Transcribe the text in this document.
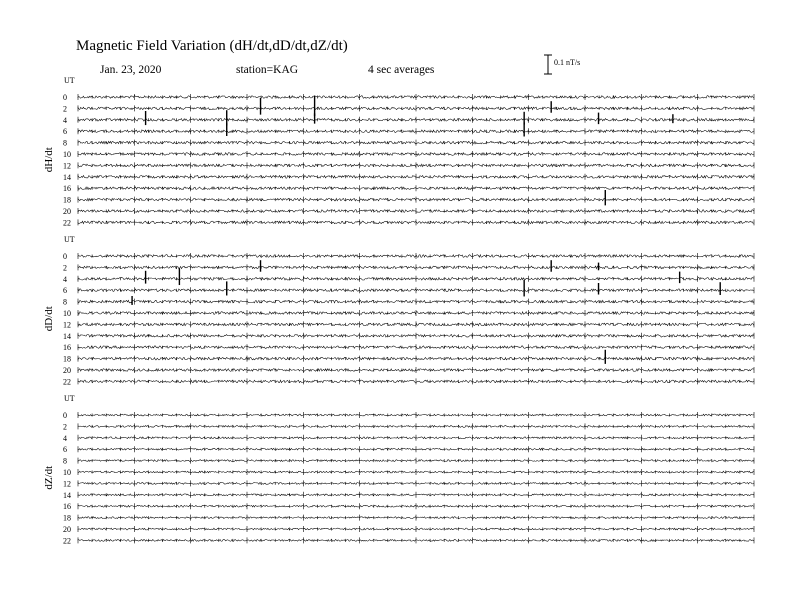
Magnetic Field Variation (dH/dt,dD/dt,dZ/dt)
Jan. 23, 2020	station=KAG	4 sec averages
0.1 nT/s
UT
dH/dt
0
2
4
6
8
10
12
14
16
18
20
22
UT
dD/dt
0
2
4
6
8
10
12
14
16
18
20
22
UT
dZ/dt
0
2
4
6
8
10
12
14
16
18
20
22
